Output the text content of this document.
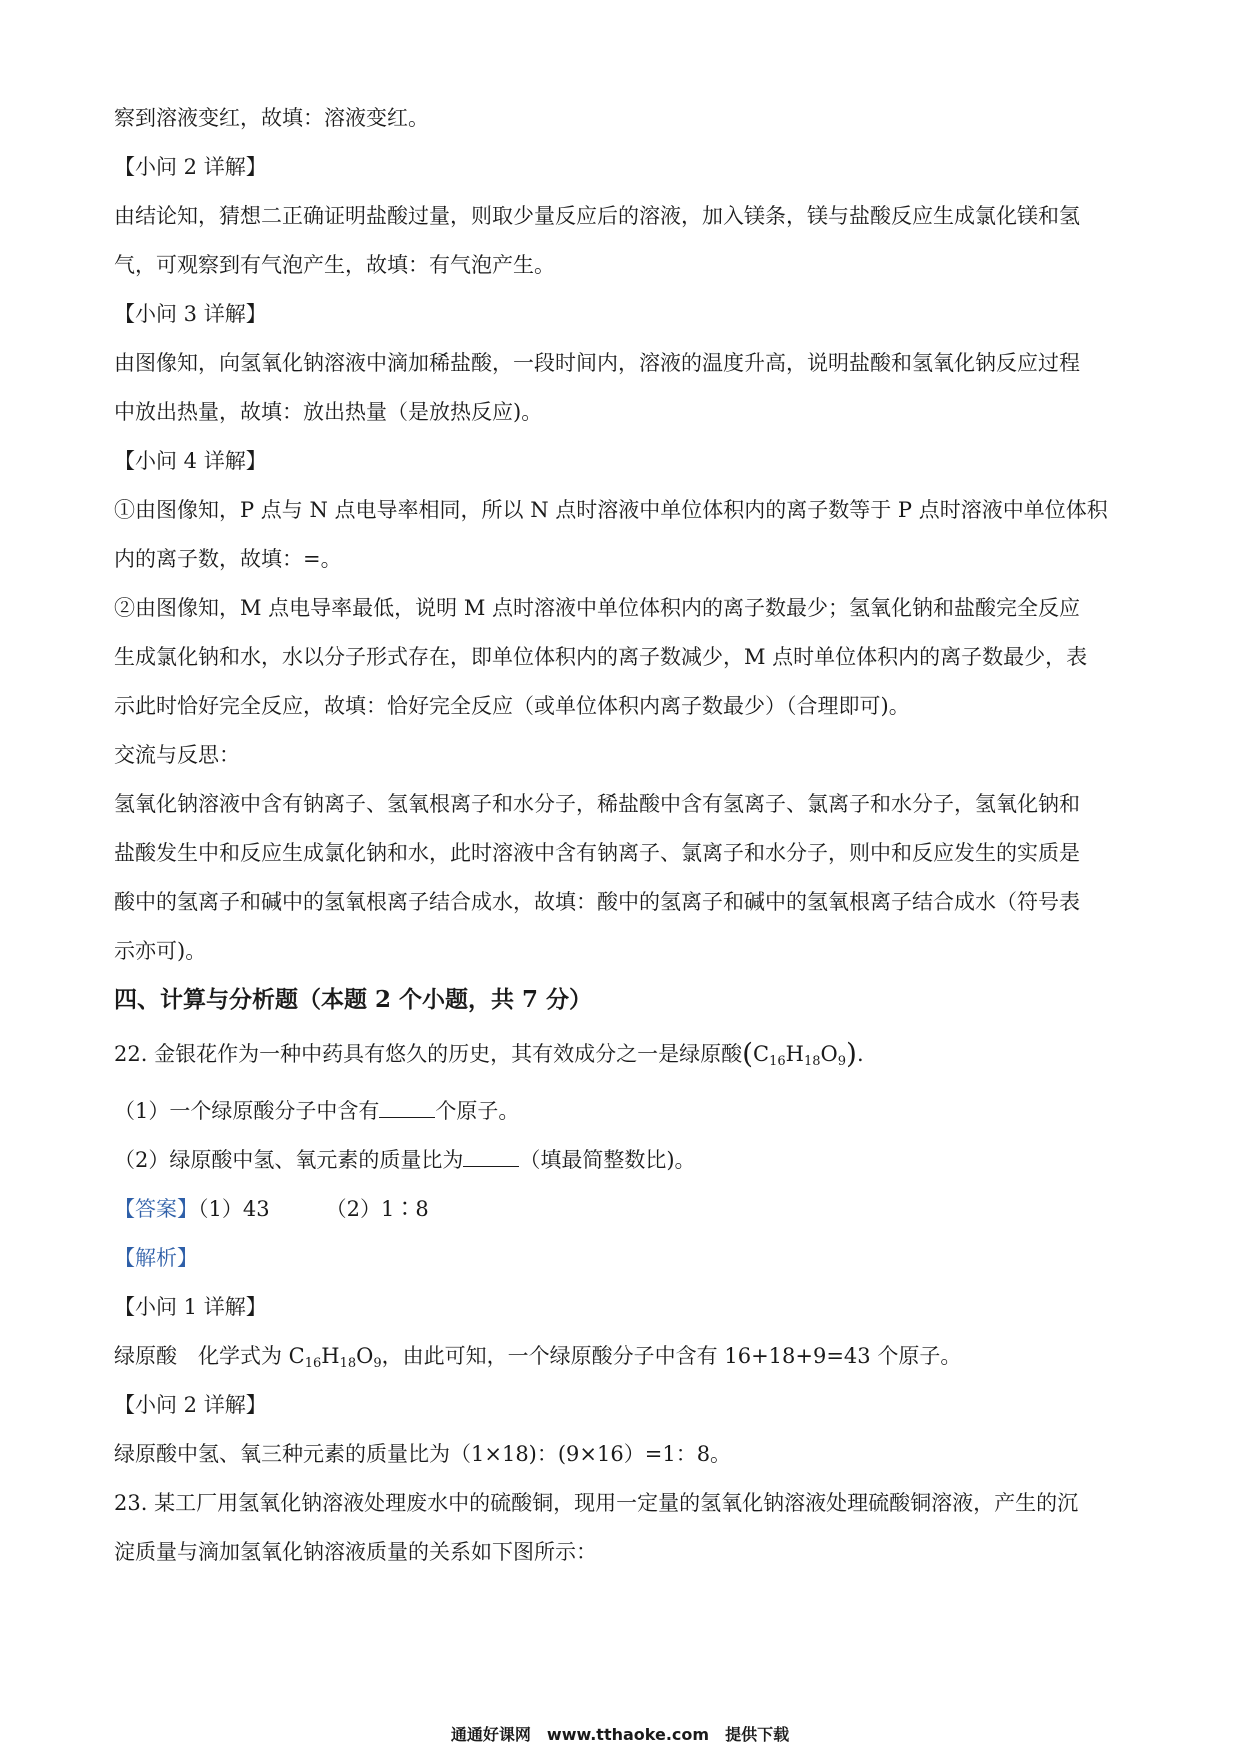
察到溶液变红，故填：溶液变红。
【小问 2 详解】
由结论知，猜想二正确证明盐酸过量，则取少量反应后的溶液，加入镁条，镁与盐酸反应生成氯化镁和氢
气，可观察到有气泡产生，故填：有气泡产生。
【小问 3 详解】
由图像知，向氢氧化钠溶液中滴加稀盐酸，一段时间内，溶液的温度升高，说明盐酸和氢氧化钠反应过程
中放出热量，故填：放出热量（是放热反应)。
【小问 4 详解】
①由图像知，P 点与 N 点电导率相同，所以 N 点时溶液中单位体积内的离子数等于 P 点时溶液中单位体积
内的离子数，故填：=。
②由图像知，M 点电导率最低，说明 M 点时溶液中单位体积内的离子数最少；氢氧化钠和盐酸完全反应
生成氯化钠和水，水以分子形式存在，即单位体积内的离子数减少，M 点时单位体积内的离子数最少，表
示此时恰好完全反应，故填：恰好完全反应（或单位体积内离子数最少）（合理即可)。
交流与反思：
氢氧化钠溶液中含有钠离子、氢氧根离子和水分子，稀盐酸中含有氢离子、氯离子和水分子，氢氧化钠和
盐酸发生中和反应生成氯化钠和水，此时溶液中含有钠离子、氯离子和水分子，则中和反应发生的实质是
酸中的氢离子和碱中的氢氧根离子结合成水，故填：酸中的氢离子和碱中的氢氧根离子结合成水（符号表
示亦可)。
四、计算与分析题（本题 2 个小题，共 7 分）
22. 金银花作为一种中药具有悠久的历史，其有效成分之一是绿原酸$(C_{16}H_{18}O_9)$.
（1）一个绿原酸分子中含有	个原子。
（2）绿原酸中氢、氧元素的质量比为	（填最简整数比)。
【答案】（1）43	（2）1∶8
【解析】
【小问 1 详解】
绿原酸　化学式为 $C_{16}H_{18}O_9$，由此可知，一个绿原酸分子中含有 16+18+9=43 个原子。
【小问 2 详解】
绿原酸中氢、氧三种元素的质量比为（1×18)：(9×16）=1：8。
23. 某工厂用氢氧化钠溶液处理废水中的硫酸铜，现用一定量的氢氧化钠溶液处理硫酸铜溶液，产生的沉
淀质量与滴加氢氧化钠溶液质量的关系如下图所示：
通通好课网　www.tthaoke.com　提供下载
